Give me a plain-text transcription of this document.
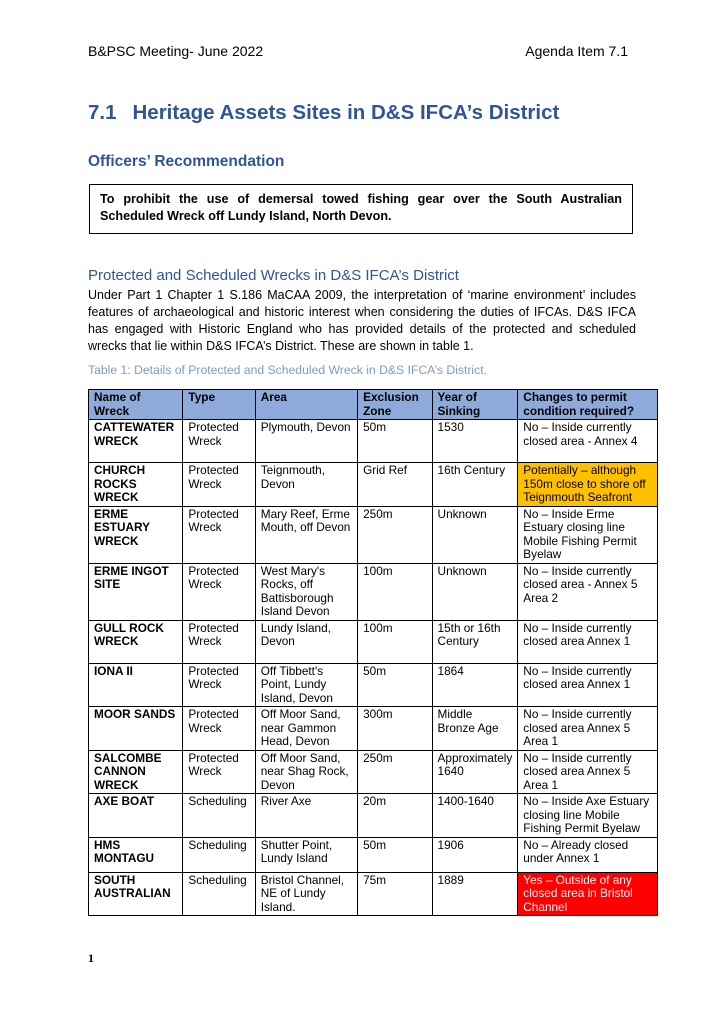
B&PSC Meeting- June 2022	Agenda Item 7.1
7.1 Heritage Assets Sites in D&S IFCA’s District
Officers’ Recommendation
To prohibit the use of demersal towed fishing gear over the South Australian Scheduled Wreck off Lundy Island, North Devon.
Protected and Scheduled Wrecks in D&S IFCA’s District
Under Part 1 Chapter 1 S.186 MaCAA 2009, the interpretation of ‘marine environment’ includes features of archaeological and historic interest when considering the duties of IFCAs. D&S IFCA has engaged with Historic England who has provided details of the protected and scheduled wrecks that lie within D&S IFCA’s District. These are shown in table 1.
Table 1: Details of Protected and Scheduled Wreck in D&S IFCA’s District.
Name of Wreck	Type	Area	Exclusion Zone	Year of Sinking	Changes to permit condition required?
CATTEWATER WRECK	Protected Wreck	Plymouth, Devon	50m	1530	No – Inside currently closed area - Annex 4
CHURCH ROCKS WRECK	Protected Wreck	Teignmouth, Devon	Grid Ref	16th Century	Potentially – although 150m close to shore off Teignmouth Seafront
ERME ESTUARY WRECK	Protected Wreck	Mary Reef, Erme Mouth, off Devon	250m	Unknown	No – Inside Erme Estuary closing line Mobile Fishing Permit Byelaw
ERME INGOT SITE	Protected Wreck	West Mary's Rocks, off Battisborough Island Devon	100m	Unknown	No – Inside currently closed area - Annex 5 Area 2
GULL ROCK WRECK	Protected Wreck	Lundy Island, Devon	100m	15th or 16th Century	No – Inside currently closed area Annex 1
IONA II	Protected Wreck	Off Tibbett's Point, Lundy Island, Devon	50m	1864	No – Inside currently closed area Annex 1
MOOR SANDS	Protected Wreck	Off Moor Sand, near Gammon Head, Devon	300m	Middle Bronze Age	No – Inside currently closed area Annex 5 Area 1
SALCOMBE CANNON WRECK	Protected Wreck	Off Moor Sand, near Shag Rock, Devon	250m	Approximately 1640	No – Inside currently closed area Annex 5 Area 1
AXE BOAT	Scheduling	River Axe	20m	1400-1640	No – Inside Axe Estuary closing line Mobile Fishing Permit Byelaw
HMS MONTAGU	Scheduling	Shutter Point, Lundy Island	50m	1906	No – Already closed under Annex 1
SOUTH AUSTRALIAN	Scheduling	Bristol Channel, NE of Lundy Island.	75m	1889	Yes – Outside of any closed area in Bristol Channel
1
